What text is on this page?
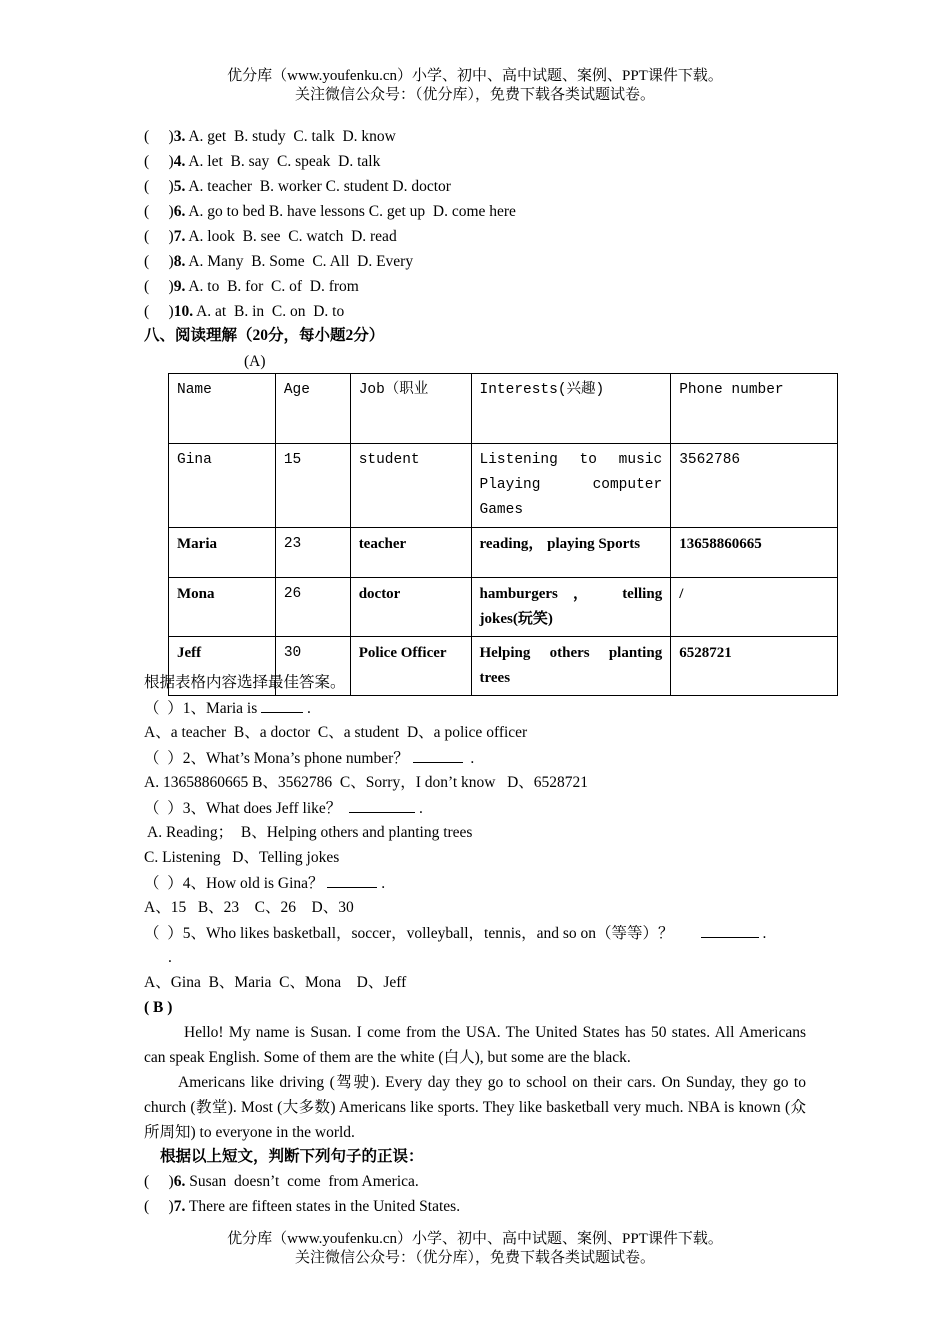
优分库（www.youfenku.cn）小学、初中、高中试题、案例、PPT课件下载。
关注微信公众号：（优分库），免费下载各类试题试卷。
(     )3. A. get  B. study  C. talk  D. know
(     )4. A. let  B. say  C. speak  D. talk
(     )5. A. teacher  B. worker C. student D. doctor
(     )6. A. go to bed B. have lessons C. get up  D. come here
(     )7. A. look  B. see  C. watch  D. read
(     )8. A. Many  B. Some  C. All  D. Every
(     )9. A. to  B. for  C. of  D. from
(     )10. A. at  B. in  C. on  D. to
八、阅读理解（20分，每小题2分）
(A)
Name	Age	Job（职业	Interests(兴趣)	Phone number
Gina	15	student	Listening to music Playing computer Games	3562786
Maria	23	teacher	reading， playing Sports	13658860665
Mona	26	doctor	hamburgers， telling jokes(玩笑)	/
Jeff	30	Police Officer	Helping others planting trees	6528721
根据表格内容选择最佳答案。
（  ）1、Maria is	.
A、a teacher  B、a doctor  C、a student  D、a police officer
（  ）2、What’s Mona’s phone number？	.
A. 13658860665 B、3562786  C、Sorry，I don’t know   D、6528721
（  ）3、What does Jeff like？	.
A. Reading；  B、Helping others and planting trees
C. Listening   D、Telling jokes
（  ）4、How old is Gina？	.
A、15   B、23    C、26    D、30
（  ）5、Who likes basketball，soccer，volleyball，tennis，and so on（等等）？	.
.
A、Gina  B、Maria  C、Mona    D、Jeff
( B )
Hello! My name is Susan. I come from the USA. The United States has 50 states. All Americans can speak English. Some of them are the white (白人), but some are the black.
Americans like driving (驾驶). Every day they go to school on their cars. On Sunday, they go to church (教堂). Most (大多数) Americans like sports. They like basketball very much. NBA is known (众所周知) to everyone in the world.
根据以上短文，判断下列句子的正误：
(     )6. Susan  doesn’t  come  from America.
(     )7. There are fifteen states in the United States.
优分库（www.youfenku.cn）小学、初中、高中试题、案例、PPT课件下载。
关注微信公众号：（优分库），免费下载各类试题试卷。
